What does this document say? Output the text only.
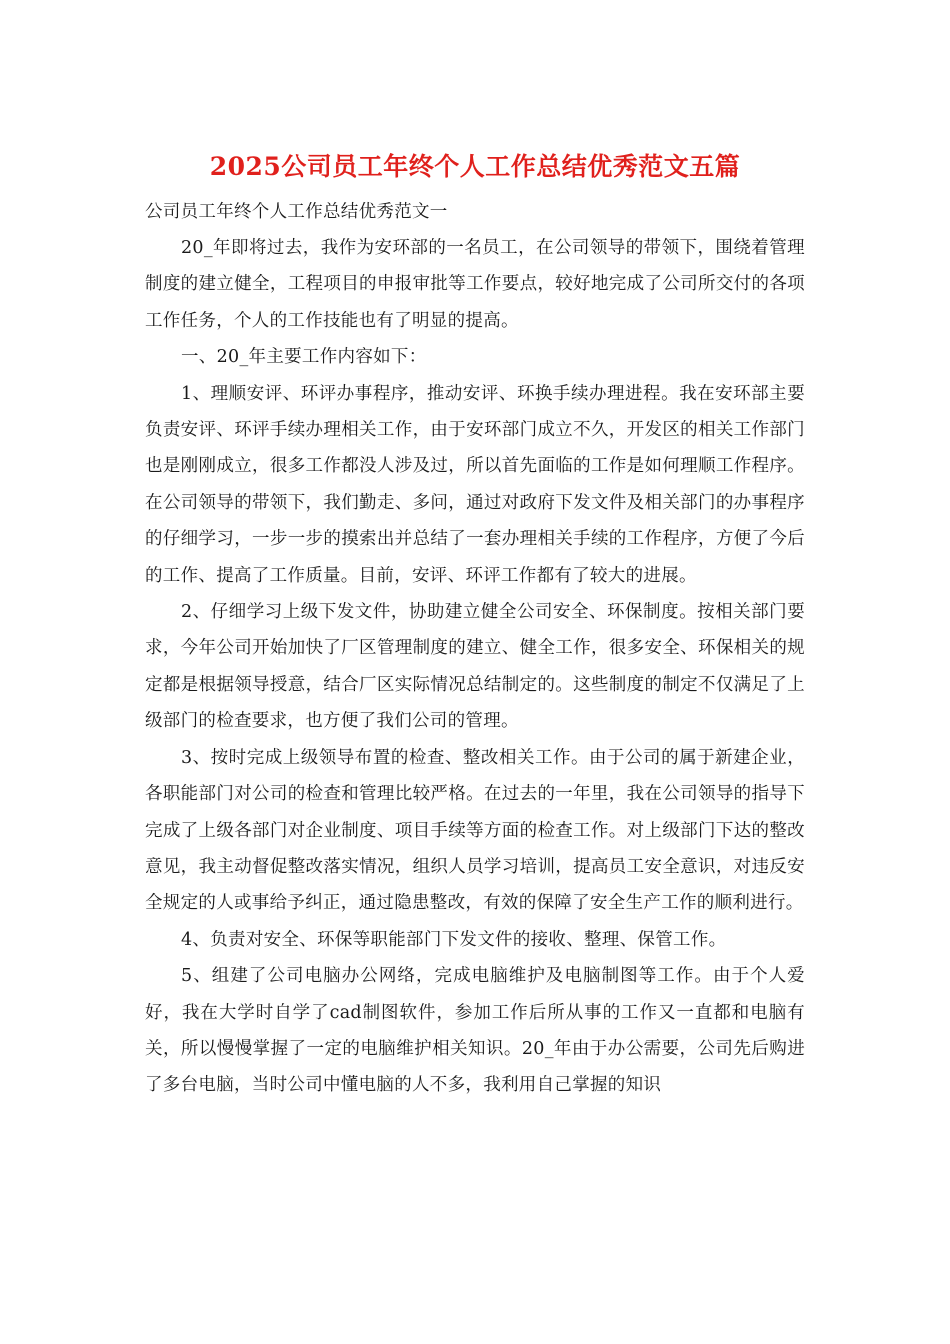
2025公司员工年终个人工作总结优秀范文五篇

公司员工年终个人工作总结优秀范文一

20_年即将过去，我作为安环部的一名员工，在公司领导的带领下，围绕着管理制度的建立健全，工程项目的申报审批等工作要点，较好地完成了公司所交付的各项工作任务，个人的工作技能也有了明显的提高。

一、20_年主要工作内容如下：

1、理顺安评、环评办事程序，推动安评、环换手续办理进程。我在安环部主要负责安评、环评手续办理相关工作，由于安环部门成立不久，开发区的相关工作部门也是刚刚成立，很多工作都没人涉及过，所以首先面临的工作是如何理顺工作程序。在公司领导的带领下，我们勤走、多问，通过对政府下发文件及相关部门的办事程序的仔细学习，一步一步的摸索出并总结了一套办理相关手续的工作程序，方便了今后的工作、提高了工作质量。目前，安评、环评工作都有了较大的进展。

2、仔细学习上级下发文件，协助建立健全公司安全、环保制度。按相关部门要求，今年公司开始加快了厂区管理制度的建立、健全工作，很多安全、环保相关的规定都是根据领导授意，结合厂区实际情况总结制定的。这些制度的制定不仅满足了上级部门的检查要求，也方便了我们公司的管理。

3、按时完成上级领导布置的检查、整改相关工作。由于公司的属于新建企业，各职能部门对公司的检查和管理比较严格。在过去的一年里，我在公司领导的指导下完成了上级各部门对企业制度、项目手续等方面的检查工作。对上级部门下达的整改意见，我主动督促整改落实情况，组织人员学习培训，提高员工安全意识，对违反安全规定的人或事给予纠正，通过隐患整改，有效的保障了安全生产工作的顺利进行。

4、负责对安全、环保等职能部门下发文件的接收、整理、保管工作。

5、组建了公司电脑办公网络，完成电脑维护及电脑制图等工作。由于个人爱好，我在大学时自学了cad制图软件，参加工作后所从事的工作又一直都和电脑有关，所以慢慢掌握了一定的电脑维护相关知识。20_年由于办公需要，公司先后购进了多台电脑，当时公司中懂电脑的人不多，我利用自己掌握的知识
